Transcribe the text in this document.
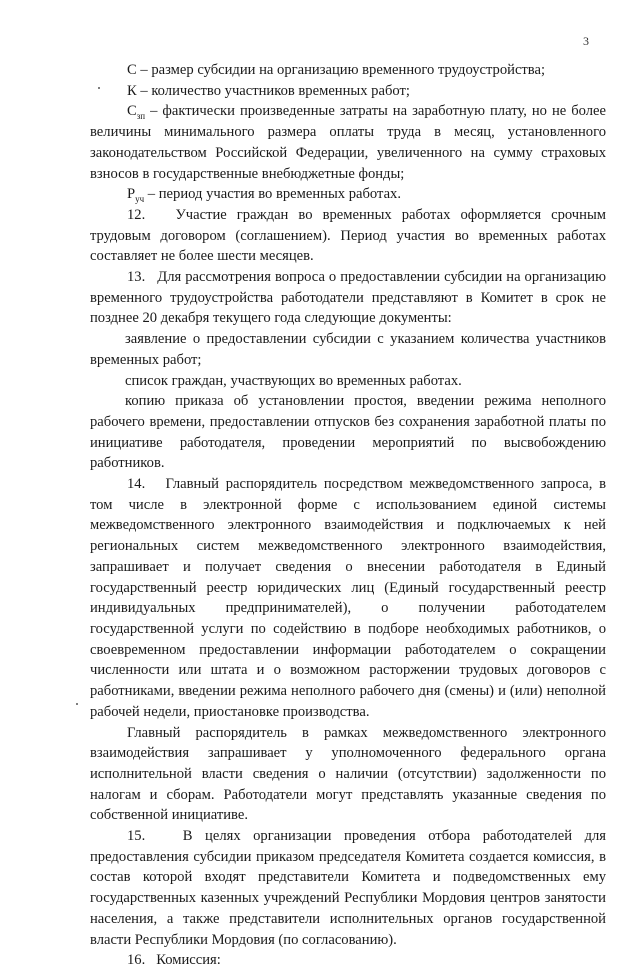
3

С – размер субсидии на организацию временного трудоустройства;

К – количество участников временных работ;

$С_{зп}$ – фактически произведенные затраты на заработную плату, но не более величины минимального размера оплаты труда в месяц, установленного законодательством Российской Федерации, увеличенного на сумму страховых взносов в государственные внебюджетные фонды;

$Р_{уч}$ – период участия во временных работах.

12.   Участие граждан во временных работах оформляется срочным трудовым договором (соглашением). Период участия во временных работах составляет не более шести месяцев.

13.   Для рассмотрения вопроса о предоставлении субсидии на организацию временного трудоустройства работодатели представляют в Комитет в срок не позднее 20 декабря текущего года следующие документы:

заявление о предоставлении субсидии с указанием количества участников временных работ;

список граждан, участвующих во временных работах.

копию приказа об установлении простоя, введении режима неполного рабочего времени, предоставлении отпусков без сохранения заработной платы по инициативе работодателя, проведении мероприятий по высвобождению работников.

14.   Главный распорядитель посредством межведомственного запроса, в том числе в электронной форме с использованием единой системы межведомственного электронного взаимодействия и подключаемых к ней региональных систем межведомственного электронного взаимодействия, запрашивает и получает сведения о внесении работодателя в Единый государственный реестр юридических лиц (Единый государственный реестр индивидуальных предпринимателей), о получении работодателем государственной услуги по содействию в подборе необходимых работников, о своевременном предоставлении информации работодателем о сокращении численности или штата и о возможном расторжении трудовых договоров с работниками, введении режима неполного рабочего дня (смены) и (или) неполной рабочей недели, приостановке производства.

Главный распорядитель в рамках межведомственного электронного взаимодействия запрашивает у уполномоченного федерального органа исполнительной власти сведения о наличии (отсутствии) задолженности по налогам и сборам. Работодатели могут представлять указанные сведения по собственной инициативе.

15.   В целях организации проведения отбора работодателей для предоставления субсидии приказом председателя Комитета создается комиссия, в состав которой входят представители Комитета и подведомственных ему государственных казенных учреждений Республики Мордовия центров занятости населения, а также представители исполнительных органов государственной власти Республики Мордовия (по согласованию).

16.   Комиссия:
